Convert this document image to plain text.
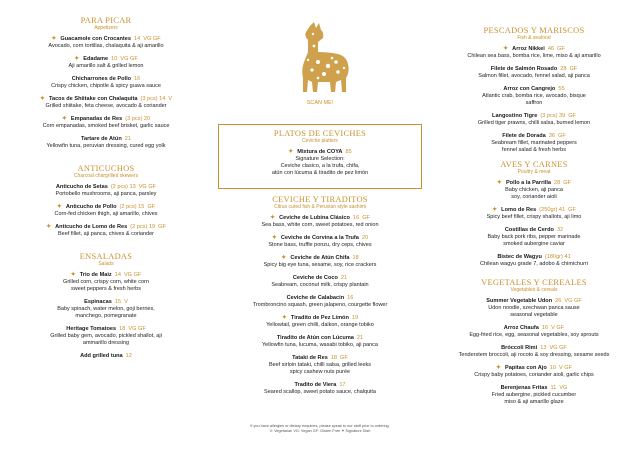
PARA PICAR
Appetizers
✦ Guacamole con Crocantes 14 VG GF
Avocado, corn tortillas, chalaquita & aji amarillo
✦ Edadame 10 VG GF
Aji amarillo salt & grilled lemon
Chicharrones de Pollo 16
Crispy chicken, chipotle & spicy guava sauce
✦ Tacos de Shiitake con Chalaquita (3 pcs) 14 V
Grilled shiitake, feta cheese, avocado & coriander
✦ Empanadas de Res (3 pcs) 20
Corn empanadas, smoked beef brisket, garlic sauce
Tartare de Atún 21
Yellowfin tuna, peruvian dressing, cured egg yolk
ANTICUCHOS
Charcoal chargrilled skewers
Anticucho de Setas (2 pcs) 13 VG GF
Portobello mushrooms, aji panca, parsley
✦ Anticucho de Pollo (2 pcs) 15 GF
Corn-fed chicken thigh, aji amarillo, chives
✦ Anticucho de Lomo de Res (2 pcs) 19 GF
Beef fillet, aji panca, chives & coriander
ENSALADAS
Salads
✦ Trio de Maiz 14 VG GF
Grilled corn, crispy corn, white corn
sweet peppers & fresh herbs
Espinacas 15 V
Baby spinach, water melon, goji berries,
manchego, pomegranate
Heritage Tomatoes 18 VG GF
Grilled baby gem, avocado, pickled shallot, aji
ammarillo dressing
Add grilled tuna 12
PLATOS DE CEVICHES
Ceviche platters
✦ Mixtura de COYA 85
Signature Selection:
Ceviche clasico, a la trufa, chifa,
atún con lúcuma & tiradito de pez limón
CEVICHE Y TIRADITOS
Citrus cured fish & Peruvian style sashimi
✦ Ceviche de Lubina Clásico 16 GF
Sea bass, white corn, sweet potatoes, red onion
✦ Ceviche de Corvina a la Trufa 20
Stone bass, truffle ponzu, dry ceps, chives
✦ Ceviche de Atún Chifa 18
Spicy big eye tuna, sesame, soy, rice crackers
Ceviche de Coco 21
Seabream, coconut milk, crispy plantain
Ceviche de Calabacin 16
Trombroncino squash, green jalapeno, courgette flower
✦ Tiradito de Pez Limón 19
Yellowtail, green chilli, daikon, orange tobiko
Tiradito de Atún con Lúcuma 21
Yellowfin tuna, lucuma, wasabi tobiko, aji panca
Tataki de Res 18 GF
Beef sirloin tataki, chilli salsa, grilled leeks
spicy cashew nuts purée
Tradito de Viera 17
Seared scallop, sweet potato sauce, chalquita
SCAN ME!
PESCADOS Y MARISCOS
Fish & seafood
✦ Arroz Nikkei 46 GF
Chilean sea bass, bomba rice, lime, miso & aji amarillo
Filete de Salmón Rosado 28 GF
Salmon fillet, avocado, fennel salad, aji panca
Arroz con Cangrejo 55
Atlantic crab, bomba rice, avocado, bisque
saffron
Langostino Tigre (3 pcs) 39 GF
Grilled tiger prawns, chilli salsa, burned lemon
Filete de Dorada 36 GF
Seabream fillet, marinated peppers
fennel salad & fresh herbs
AVES Y CARNES
Poultry & meat
✦ Pollo a la Parrilla 28 GF
Baby chicken, aji panca
soy, coriander aioli
✦ Lomo de Res (250gr) 41 GF
Spicy beef fillet, crispy shallots, aji limo
Costillas de Cerdo 32
Baby back pork ribs, pepper marinade
smoked aubergine caviar
Bistec de Wagyu (180gr) 41
Chilean wagyu grade 7, adobo & chimichurri
VEGETALES Y CEREALES
Vegetables & cereals
Summer Vegetable Udon 26 VG GF
Udon noodle, szechwan panca sause
seasonal vegetable
Arroz Chaufa 16 V GF
Egg-fried rice, egg, seasonal vegetables, soy sprouts
Bróccoli Rimi 13 VG GF
Tenderstem broccoli, aji rocoto & soy dressing, sesame seeds
✦ Papitas con Ajo 10 V GF
Crispy baby potatoes, coriander aioli, garlic chips
Berenjenas Fritas 11 VG
Fried aubergine, pickled cucumber
miso & aji amarillo glaze
If you have allergies or dietary enquiries, please speak to our staff prior to ordering.
V: Vegetarian VG: Vegan GF: Gluten Free ✦ Signature Dish
